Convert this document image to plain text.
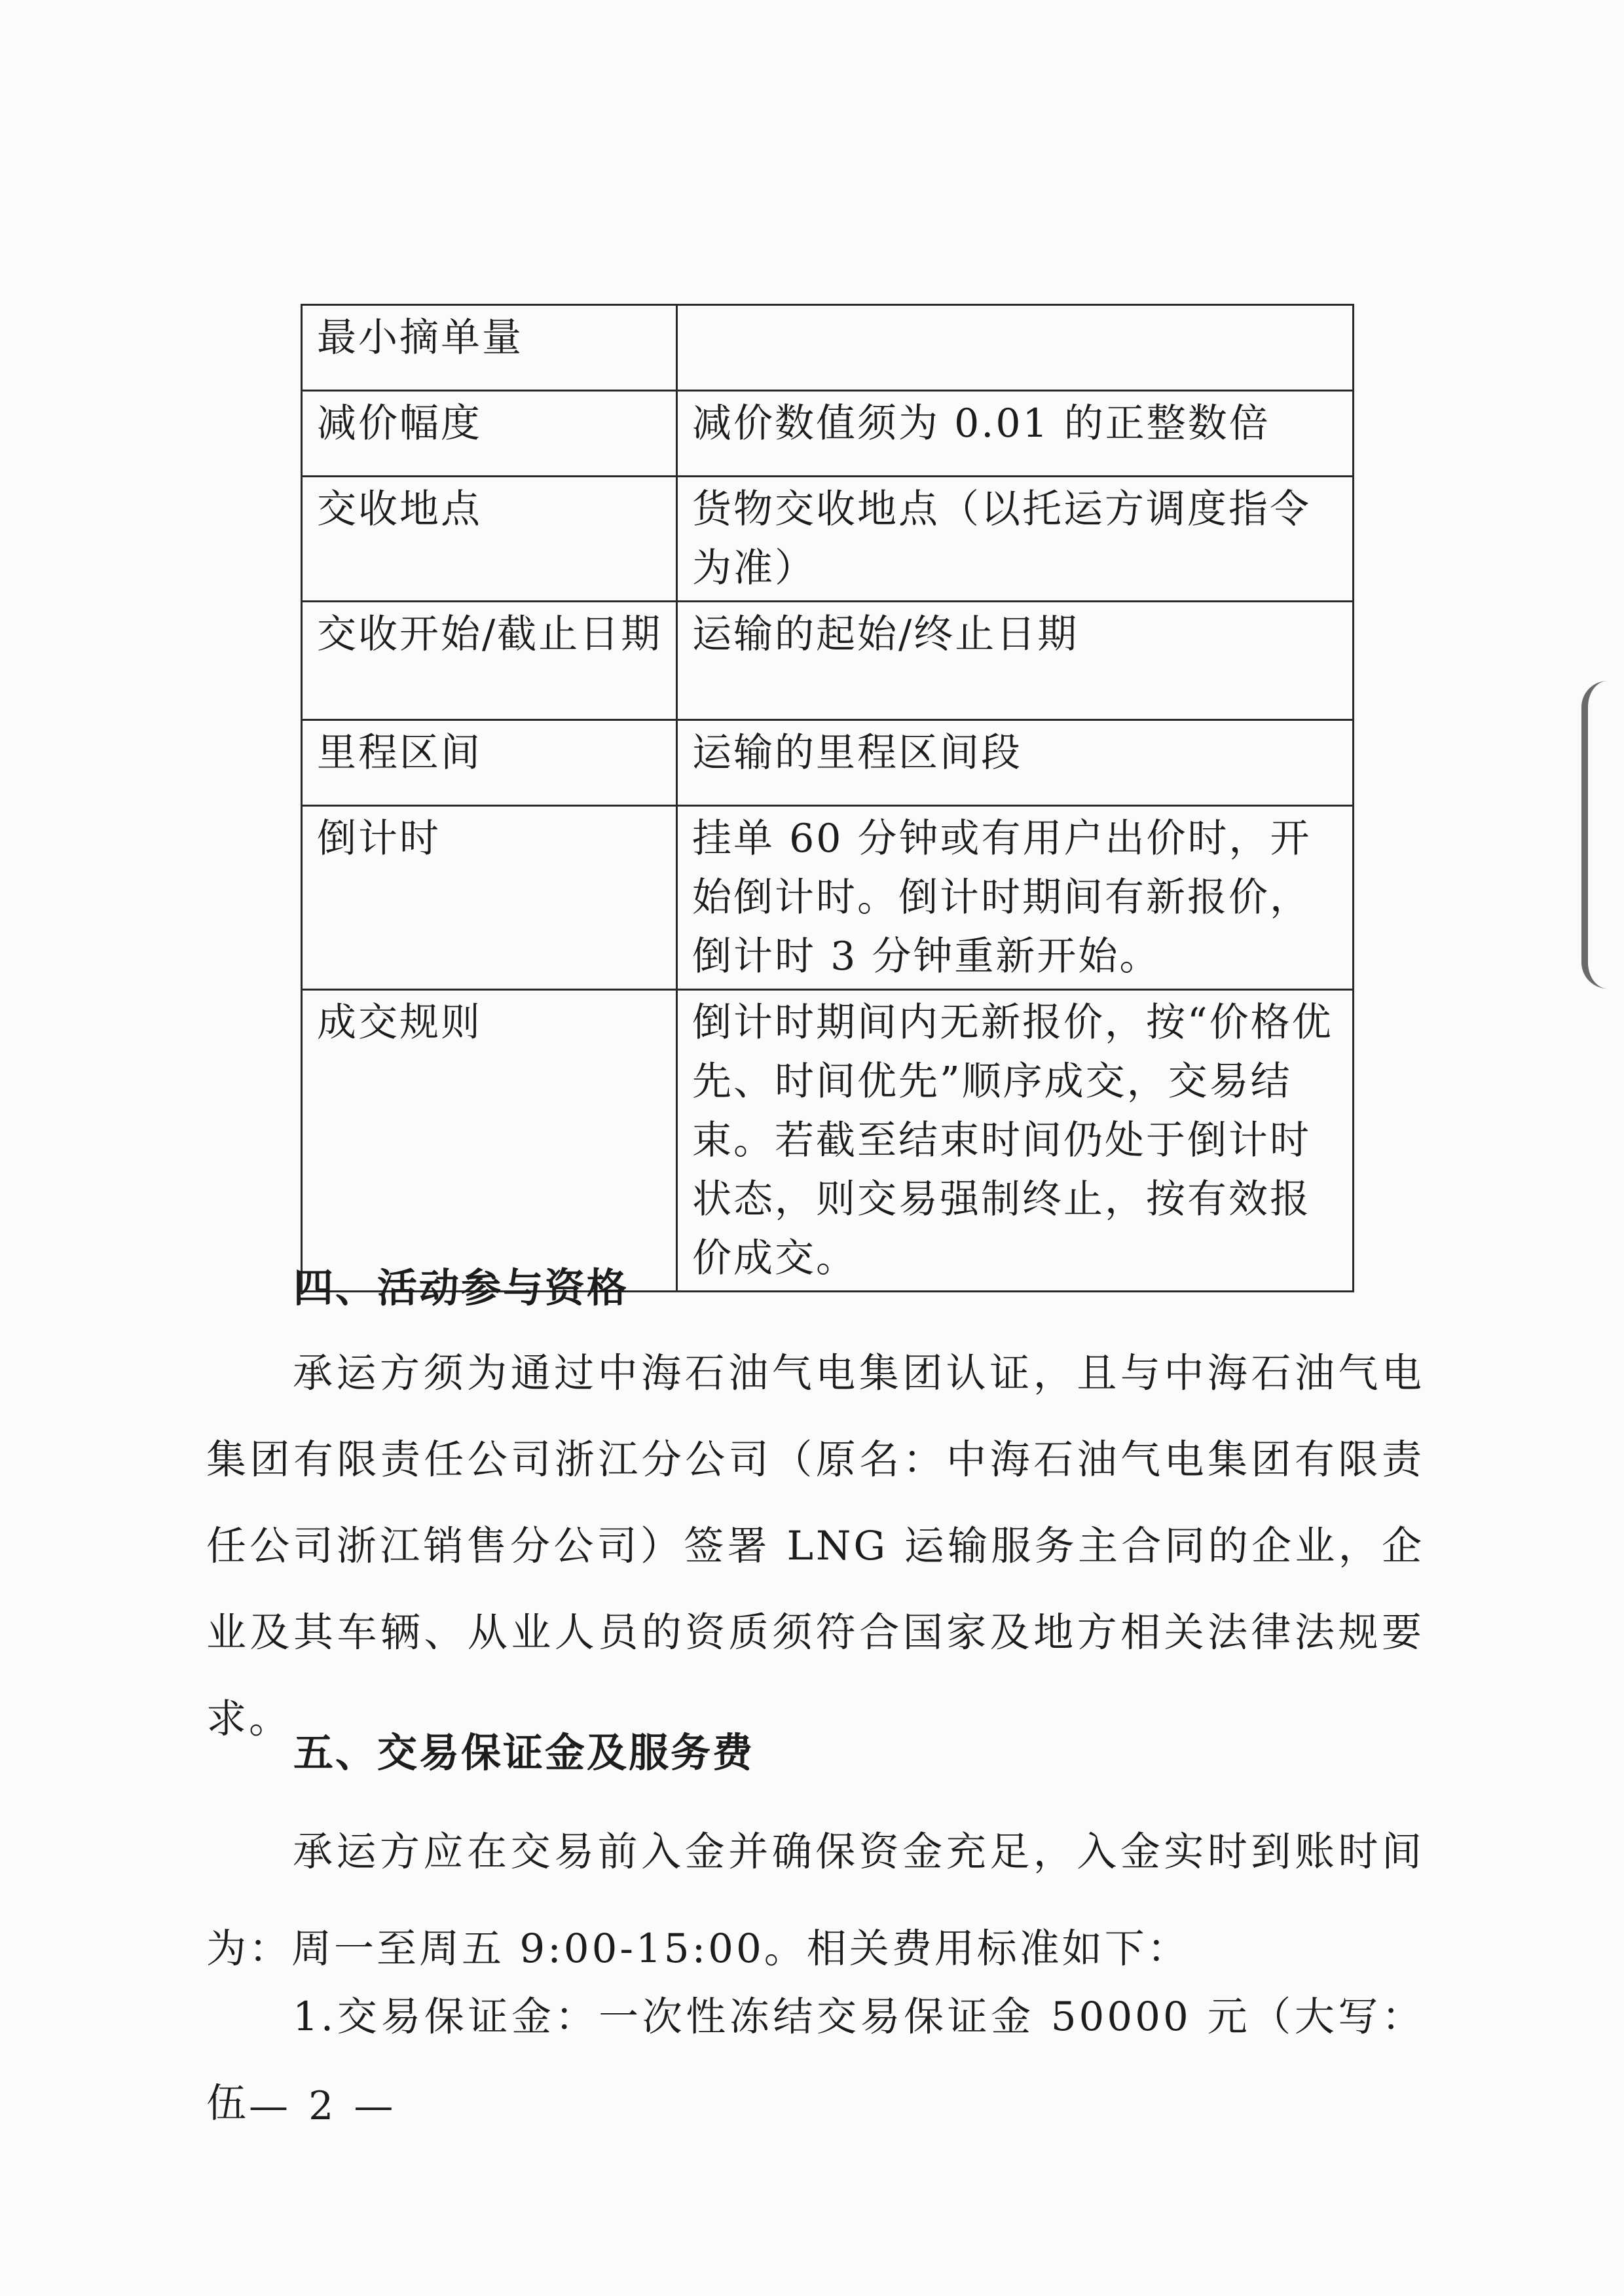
最小摘单量	
减价幅度	减价数值须为 0.01 的正整数倍
交收地点	货物交收地点（以托运方调度指令为准）
交收开始/截止日期	运输的起始/终止日期
里程区间	运输的里程区间段
倒计时	挂单 60 分钟或有用户出价时，开始倒计时。倒计时期间有新报价，倒计时 3 分钟重新开始。
成交规则	倒计时期间内无新报价，按“价格优先、时间优先”顺序成交，交易结束。若截至结束时间仍处于倒计时状态，则交易强制终止，按有效报价成交。
四、活动参与资格
承运方须为通过中海石油气电集团认证，且与中海石油气电集团有限责任公司浙江分公司（原名：中海石油气电集团有限责任公司浙江销售分公司）签署 LNG 运输服务主合同的企业，企业及其车辆、从业人员的资质须符合国家及地方相关法律法规要求。
五、交易保证金及服务费
承运方应在交易前入金并确保资金充足，入金实时到账时间为：周一至周五 9:00-15:00。相关费用标准如下：
1.交易保证金：一次性冻结交易保证金 50000 元（大写：伍 — 2 —
